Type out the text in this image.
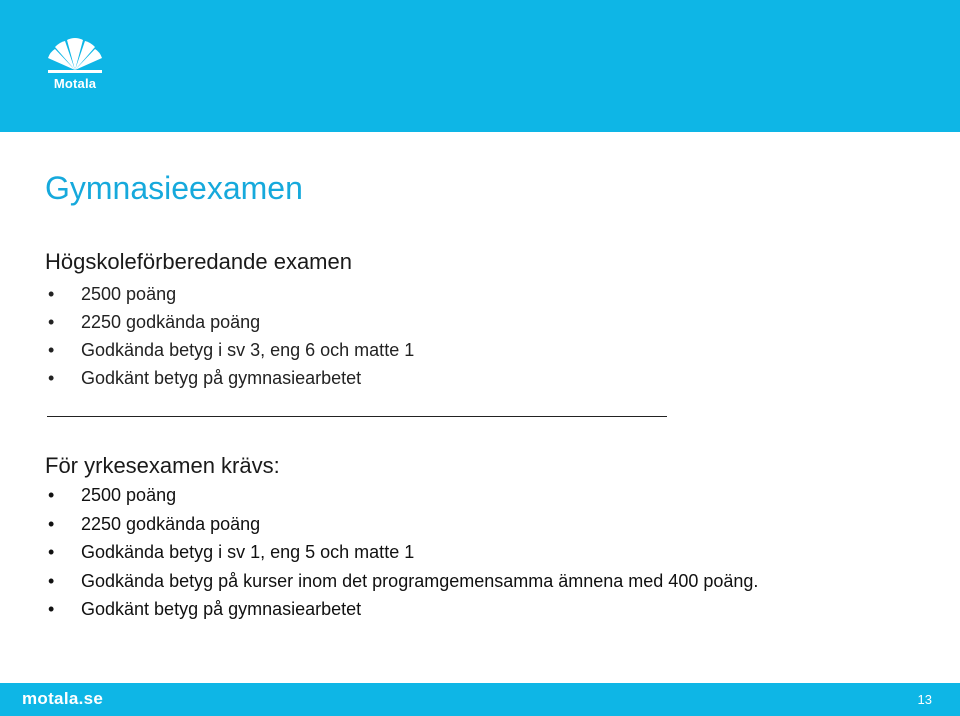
Motala
Gymnasieexamen
Högskoleförberedande examen
• 2500 poäng
• 2250 godkända poäng
• Godkända betyg i sv 3, eng 6 och matte 1
• Godkänt betyg på gymnasiearbetet
För yrkesexamen krävs:
• 2500 poäng
• 2250 godkända poäng
• Godkända betyg i sv 1, eng 5 och matte 1
• Godkända betyg på kurser inom det programgemensamma ämnena med 400 poäng.
• Godkänt betyg på gymnasiearbetet
motala.se	13
